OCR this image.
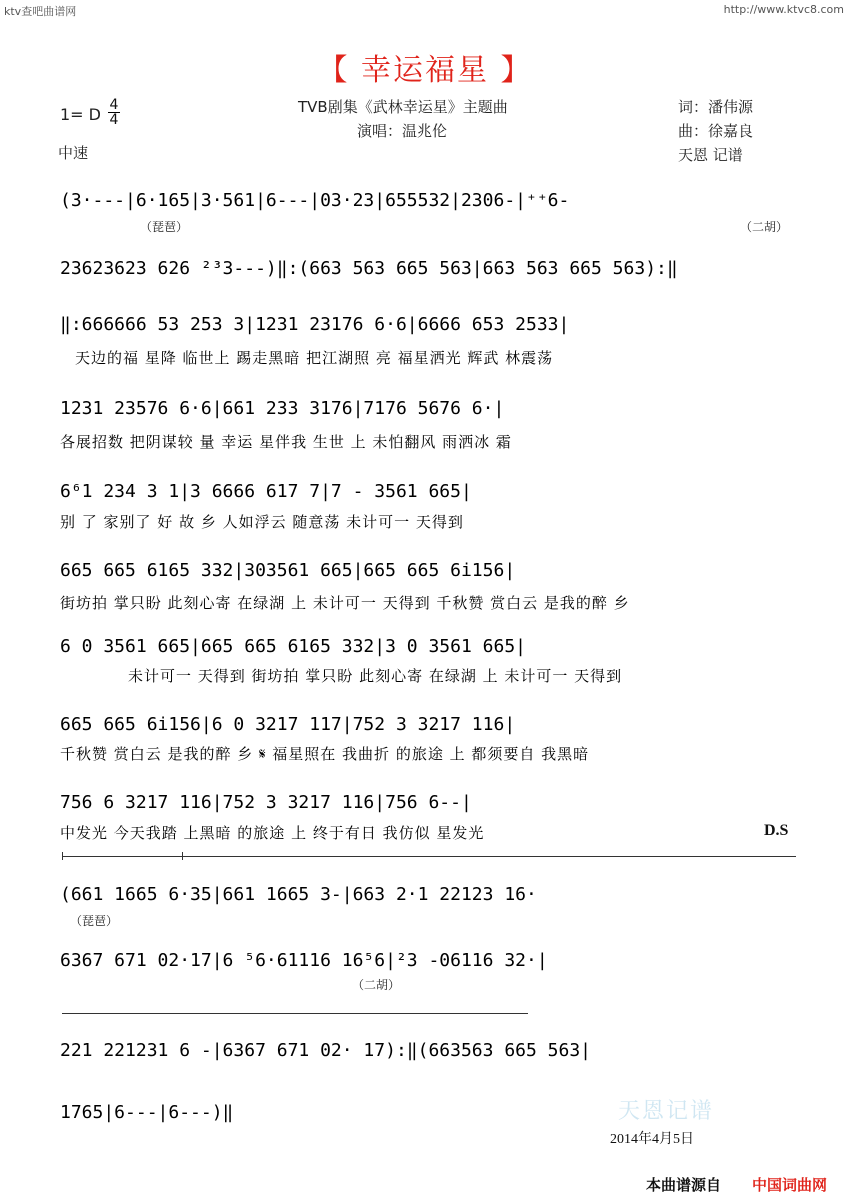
ktv查吧曲谱网	http://www.ktvc8.com
【 幸运福星 】
1= D 4
4
中速
TVB剧集《武林幸运星》主题曲
演唱：温兆伦
词：潘伟源
曲：徐嘉良
天恩 记谱
(3·---|6·165|3·561|6---|03·23|655532|2306-|⁺⁺6-
（琵琶）	（二胡）
23623623 626 ²³3---)‖:(663 563 665 563|663 563 665 563):‖
‖:666666 53 253 3|1231 23176 6·6|6666 653 2533|
天边的福 星降 临世上 踢走黑暗 把江湖照 亮 福星洒光 辉武 林震荡
1231 23576 6·6|661 233 3176|7176 5676 6·|
各展招数 把阴谋较 量 幸运 星伴我 生世 上 未怕翻风 雨洒冰 霜
6⁶1 234 3 1|3 6666 617 7|7 - 3561 665|
别 了 家别了 好 故 乡 人如浮云 随意荡 未计可一 天得到
665 665 6165 332|303561 665|665 665 6i156|
街坊拍 掌只盼 此刻心寄 在绿湖 上 未计可一 天得到 千秋赞 赏白云 是我的醉 乡
6 0 3561 665|665 665 6165 332|3 0 3561 665|
未计可一 天得到 街坊拍 掌只盼 此刻心寄 在绿湖 上 未计可一 天得到
665 665 6i156|6 0 3217 117|752 3 3217 116|
千秋赞 赏白云 是我的醉 乡 𝄋 福星照在 我曲折 的旅途 上 都须要自 我黑暗
756 6 3217 116|752 3 3217 116|756 6--|
中发光 今天我踏 上黑暗 的旅途 上 终于有日 我仿似 星发光	D.S
(661 1665 6·35|661 1665 3-|663 2·1 22123 16·
（琵琶）
6367 671 02·17|6 ⁵6·61116 16⁵6|²3 -06116 32·|
（二胡）
221 221231 6 -|6367 671 02· 17):‖(663563 665 563|
1765|6---|6---)‖	天恩记谱
2014年4月5日
本曲谱源自 中国词曲网
